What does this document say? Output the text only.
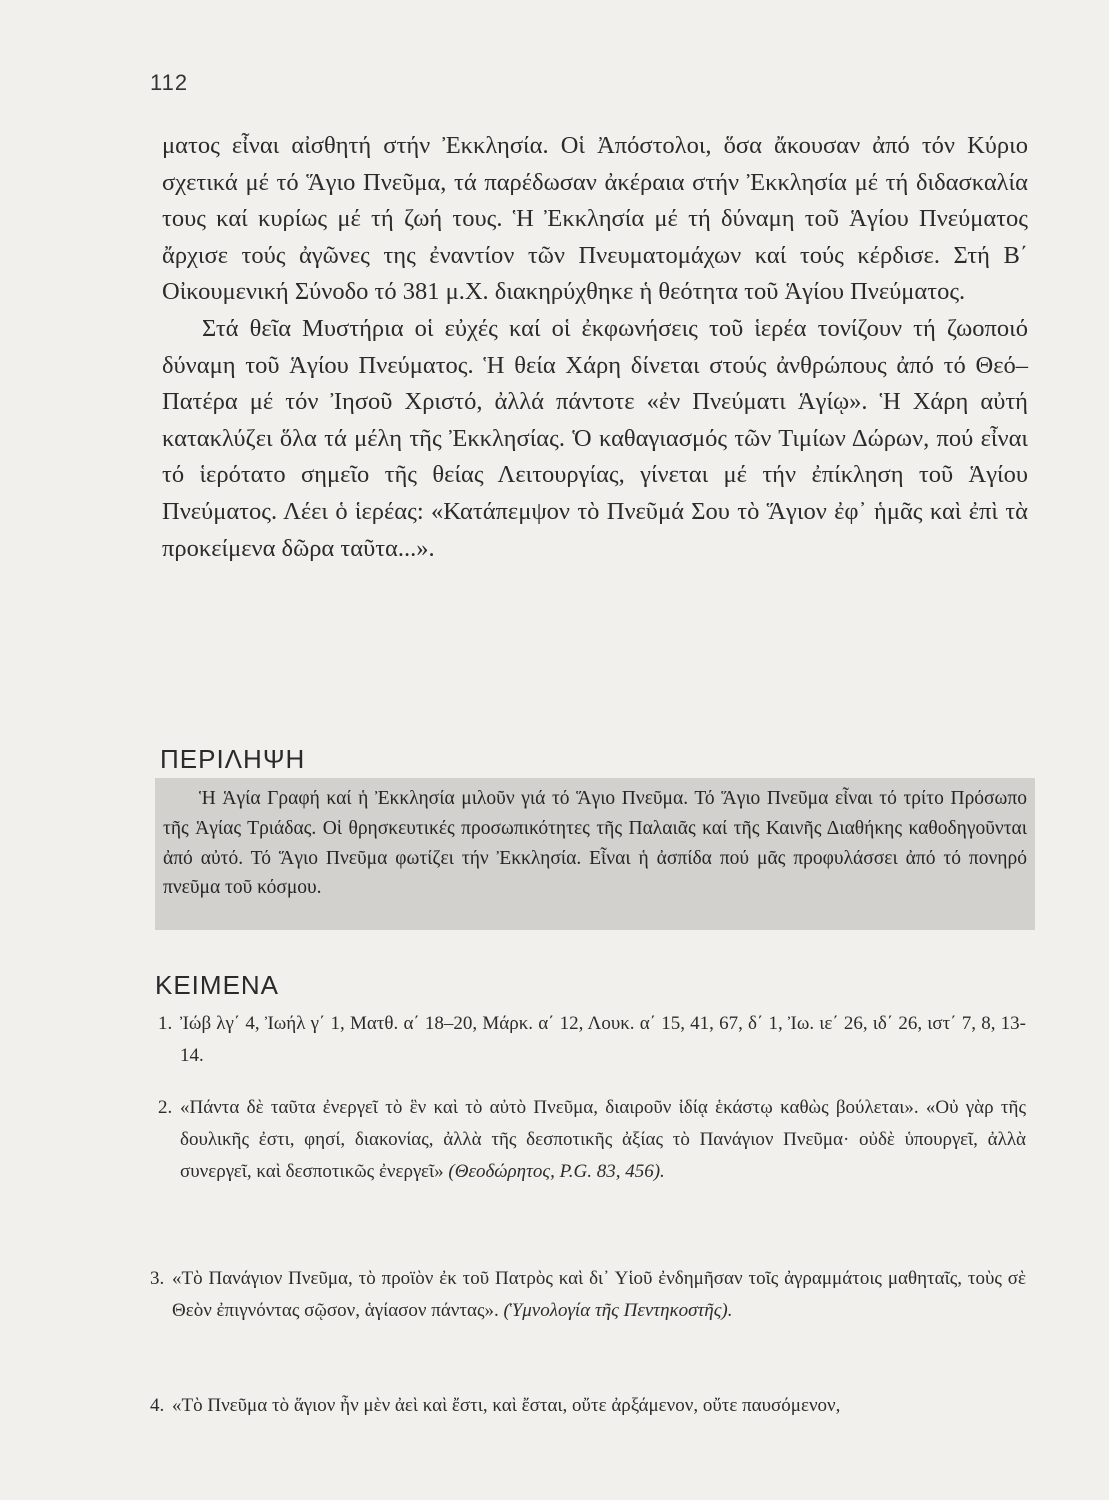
112

ματος εἶναι αἰσθητή στήν Ἐκκλησία. Οἱ Ἀπόστολοι, ὅσα ἄκουσαν ἀπό τόν Κύριο σχετικά μέ τό Ἅγιο Πνεῦμα, τά παρέδωσαν ἀκέραια στήν Ἐκκλησία μέ τή διδασκαλία τους καί κυρίως μέ τή ζωή τους. Ἡ Ἐκκλησία μέ τή δύναμη τοῦ Ἁγίου Πνεύματος ἄρχισε τούς ἀγῶνες της ἐναντίον τῶν Πνευματομάχων καί τούς κέρδισε. Στή Β΄ Οἰκουμενική Σύνοδο τό 381 μ.Χ. διακηρύχθηκε ἡ θεότητα τοῦ Ἁγίου Πνεύματος.

Στά θεῖα Μυστήρια οἱ εὐχές καί οἱ ἐκφωνήσεις τοῦ ἱερέα τονίζουν τή ζωοποιό δύναμη τοῦ Ἁγίου Πνεύματος. Ἡ θεία Χάρη δίνεται στούς ἀνθρώπους ἀπό τό Θεό–Πατέρα μέ τόν Ἰησοῦ Χριστό, ἀλλά πάντοτε «ἐν Πνεύματι Ἁγίῳ». Ἡ Χάρη αὐτή κατακλύζει ὅλα τά μέλη τῆς Ἐκκλησίας. Ὁ καθαγιασμός τῶν Τιμίων Δώρων, πού εἶναι τό ἱερότατο σημεῖο τῆς θείας Λειτουργίας, γίνεται μέ τήν ἐπίκληση τοῦ Ἁγίου Πνεύματος. Λέει ὁ ἱερέας: «Κατάπεμψον τὸ Πνεῦμά Σου τὸ Ἅγιον ἐφ᾽ ἡμᾶς καὶ ἐπὶ τὰ προκείμενα δῶρα ταῦτα...».

ΠΕΡΙΛΗΨΗ

Ἡ Ἁγία Γραφή καί ἡ Ἐκκλησία μιλοῦν γιά τό Ἅγιο Πνεῦμα. Τό Ἅγιο Πνεῦμα εἶναι τό τρίτο Πρόσωπο τῆς Ἁγίας Τριάδας. Οἱ θρησκευτικές προσωπικότητες τῆς Παλαιᾶς καί τῆς Καινῆς Διαθήκης καθοδηγοῦνται ἀπό αὐτό. Τό Ἅγιο Πνεῦμα φωτίζει τήν Ἐκκλησία. Εἶναι ἡ ἀσπίδα πού μᾶς προφυλάσσει ἀπό τό πονηρό πνεῦμα τοῦ κόσμου.

ΚΕΙΜΕΝΑ
1. Ἰώβ λγ΄ 4, Ἰωήλ γ΄ 1, Ματθ. α΄ 18–20, Μάρκ. α΄ 12, Λουκ. α΄ 15, 41, 67, δ΄ 1, Ἰω. ιε΄ 26, ιδ΄ 26, ιστ΄ 7, 8, 13-14.
2. «Πάντα δὲ ταῦτα ἐνεργεῖ τὸ ἓν καὶ τὸ αὐτὸ Πνεῦμα, διαιροῦν ἰδίᾳ ἑκάστῳ καθὼς βούλεται». «Οὐ γὰρ τῆς δουλικῆς ἐστι, φησί, διακονίας, ἀλλὰ τῆς δεσποτικῆς ἀξίας τὸ Πανάγιον Πνεῦμα· οὐδὲ ὑπουργεῖ, ἀλλὰ συνεργεῖ, καὶ δεσποτικῶς ἐνεργεῖ» (Θεοδώρητος, P.G. 83, 456).
3. «Τὸ Πανάγιον Πνεῦμα, τὸ προϊὸν ἐκ τοῦ Πατρὸς καὶ δι᾽ Υἱοῦ ἐνδημῆσαν τοῖς ἀγραμμάτοις μαθηταῖς, τοὺς σὲ Θεὸν ἐπιγνόντας σῷσον, ἁγίασον πάντας». (Ὑμνολογία τῆς Πεντηκοστῆς).
4. «Τὸ Πνεῦμα τὸ ἅγιον ἦν μὲν ἀεὶ καὶ ἔστι, καὶ ἔσται, οὔτε ἀρξάμενον, οὔτε παυσόμενον,
